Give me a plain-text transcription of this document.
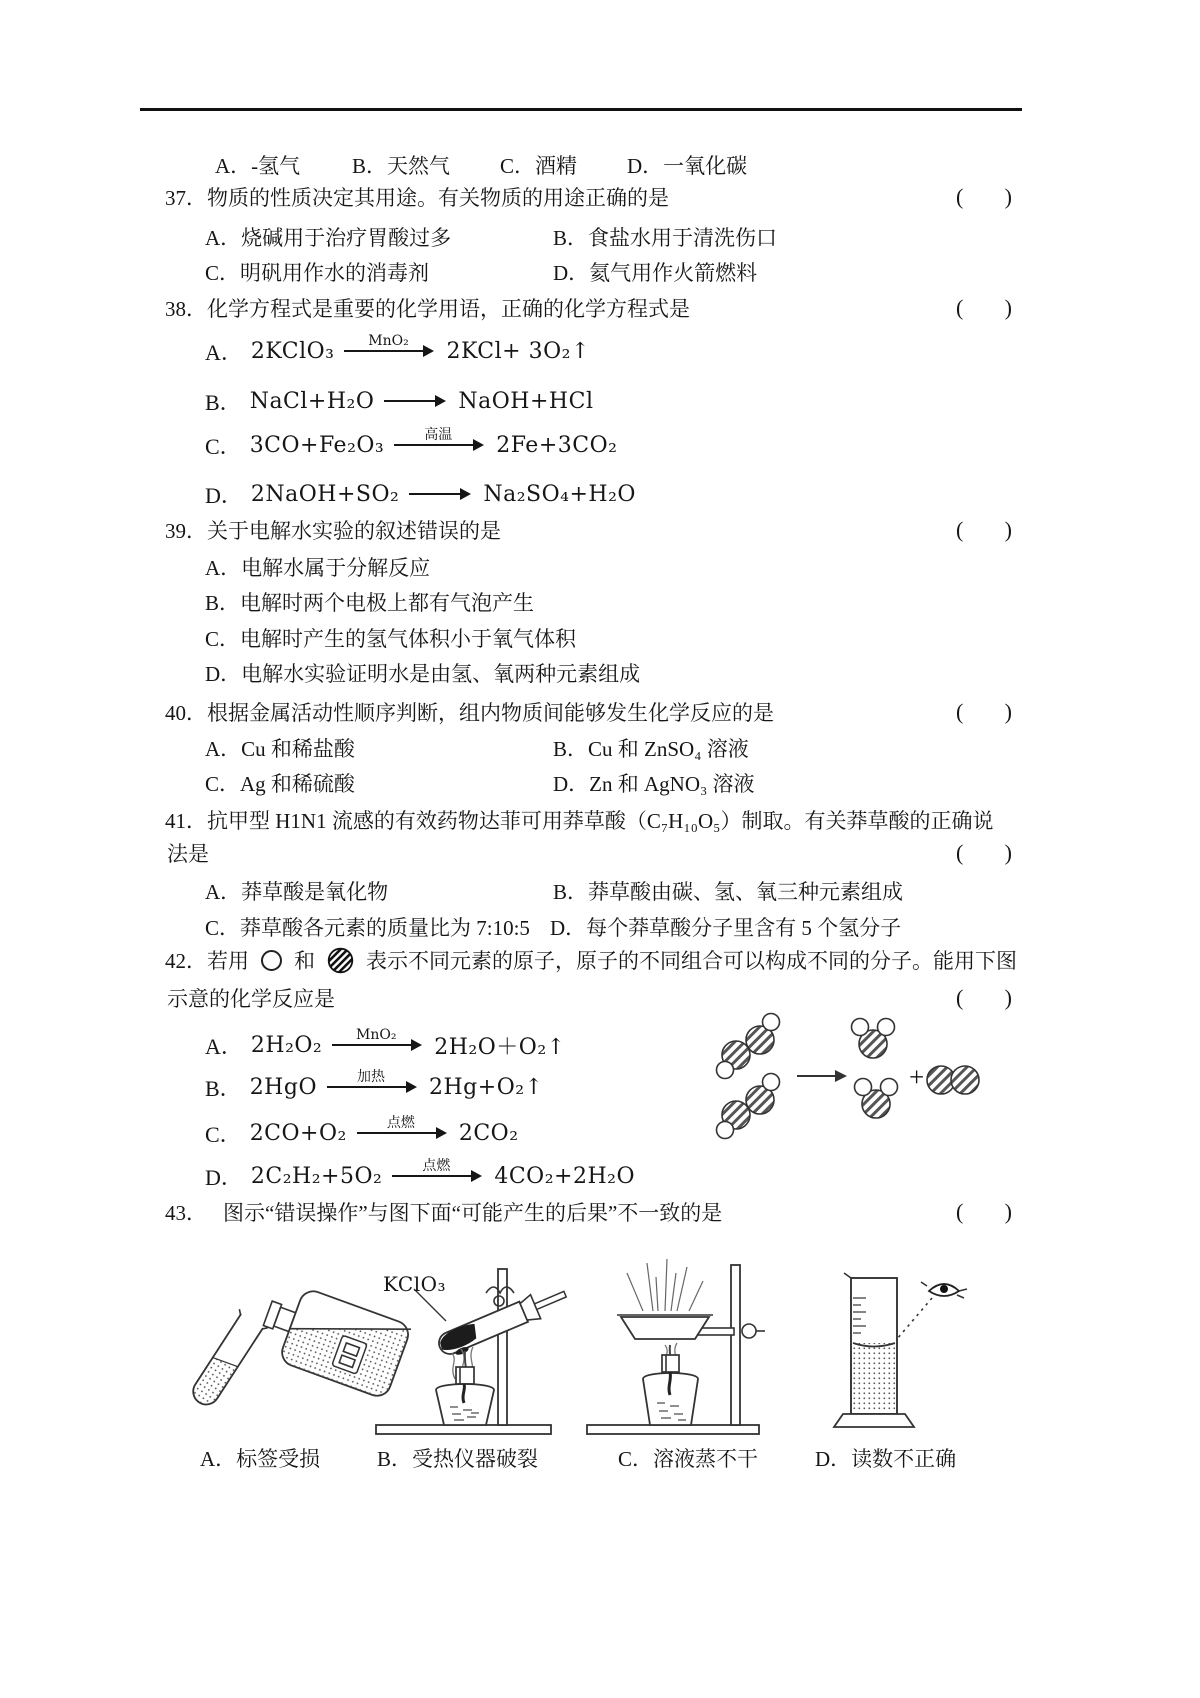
A．-氢气 B．天然气 C．酒精 D．一氧化碳
37． 物质的性质决定其用途。有关物质的用途正确的是	( )
A．烧碱用于治疗胃酸过多	B．食盐水用于清洗伤口
C．明矾用作水的消毒剂	D．氦气用作火箭燃料
38． 化学方程式是重要的化学用语，正确的化学方程式是	( )
A． 2KClO₃ MnO₂ 2KCl+ 3O₂↑
B． NaCl+H₂O → NaOH+HCl
C． 3CO+Fe₂O₃	高温 2Fe+3CO₂
D． 2NaOH+SO₂ → Na₂SO₄+H₂O
39． 关于电解水实验的叙述错误的是	( )
A．电解水属于分解反应
B．电解时两个电极上都有气泡产生
C．电解时产生的氢气体积小于氧气体积
D．电解水实验证明水是由氢、氧两种元素组成
40． 根据金属活动性顺序判断，组内物质间能够发生化学反应的是	( )
A．Cu 和稀盐酸	B．Cu 和 ZnSO₄ 溶液
C．Ag 和稀硫酸	D．Zn 和 AgNO₃ 溶液
41． 抗甲型 H1N1 流感的有效药物达菲可用莽草酸（C₇H₁₀O₅）制取。有关莽草酸的正确说
法是	( )
A．莽草酸是氧化物	B．莽草酸由碳、氢、氧三种元素组成
C．莽草酸各元素的质量比为 7:10:5 D．每个莽草酸分子里含有 5 个氢分子
42． 若用 和 表示不同元素的原子，原子的不同组合可以构成不同的分子。能用下图
示意的化学反应是	( )
A． 2H₂O₂ MnO₂ 2H₂O＋O₂↑
B． 2HgO	加热 2Hg+O₂↑
C． 2CO+O₂	点燃 2CO₂
D． 2C₂H₂+5O₂	点燃 4CO₂+2H₂O
+
43． 图示“错误操作”与图下面“可能产生的后果”不一致的是	( )
KClO₃
A．标签受损	B．受热仪器破裂	C．溶液蒸不干	D．读数不正确
